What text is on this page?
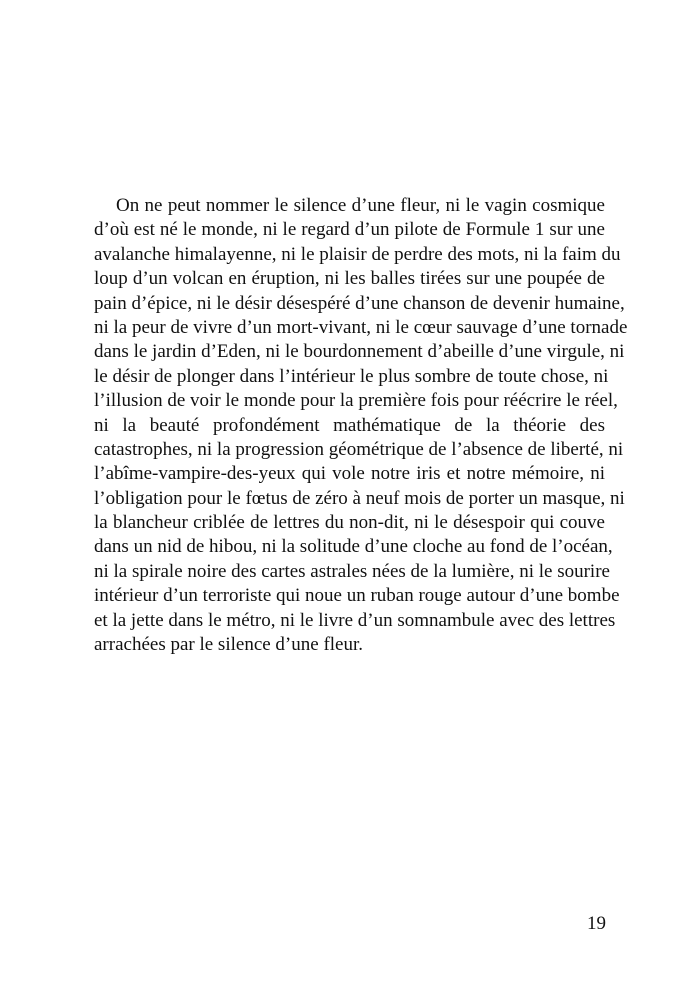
On ne peut nommer le silence d’une fleur, ni le vagin cosmique
d’où est né le monde, ni le regard d’un pilote de Formule 1 sur une
avalanche himalayenne, ni le plaisir de perdre des mots, ni la faim du
loup d’un volcan en éruption, ni les balles tirées sur une poupée de
pain d’épice, ni le désir désespéré d’une chanson de devenir humaine,
ni la peur de vivre d’un mort-vivant, ni le cœur sauvage d’une tornade
dans le jardin d’Eden, ni le bourdonnement d’abeille d’une virgule, ni
le désir de plonger dans l’intérieur le plus sombre de toute chose, ni
l’illusion de voir le monde pour la première fois pour réécrire le réel,
ni la beauté profondément mathématique de la théorie des
catastrophes, ni la progression géométrique de l’absence de liberté, ni
l’abîme-vampire-des-yeux qui vole notre iris et notre mémoire, ni
l’obligation pour le fœtus de zéro à neuf mois de porter un masque, ni
la blancheur criblée de lettres du non-dit, ni le désespoir qui couve
dans un nid de hibou, ni la solitude d’une cloche au fond de l’océan,
ni la spirale noire des cartes astrales nées de la lumière, ni le sourire
intérieur d’un terroriste qui noue un ruban rouge autour d’une bombe
et la jette dans le métro, ni le livre d’un somnambule avec des lettres
arrachées par le silence d’une fleur.
19
